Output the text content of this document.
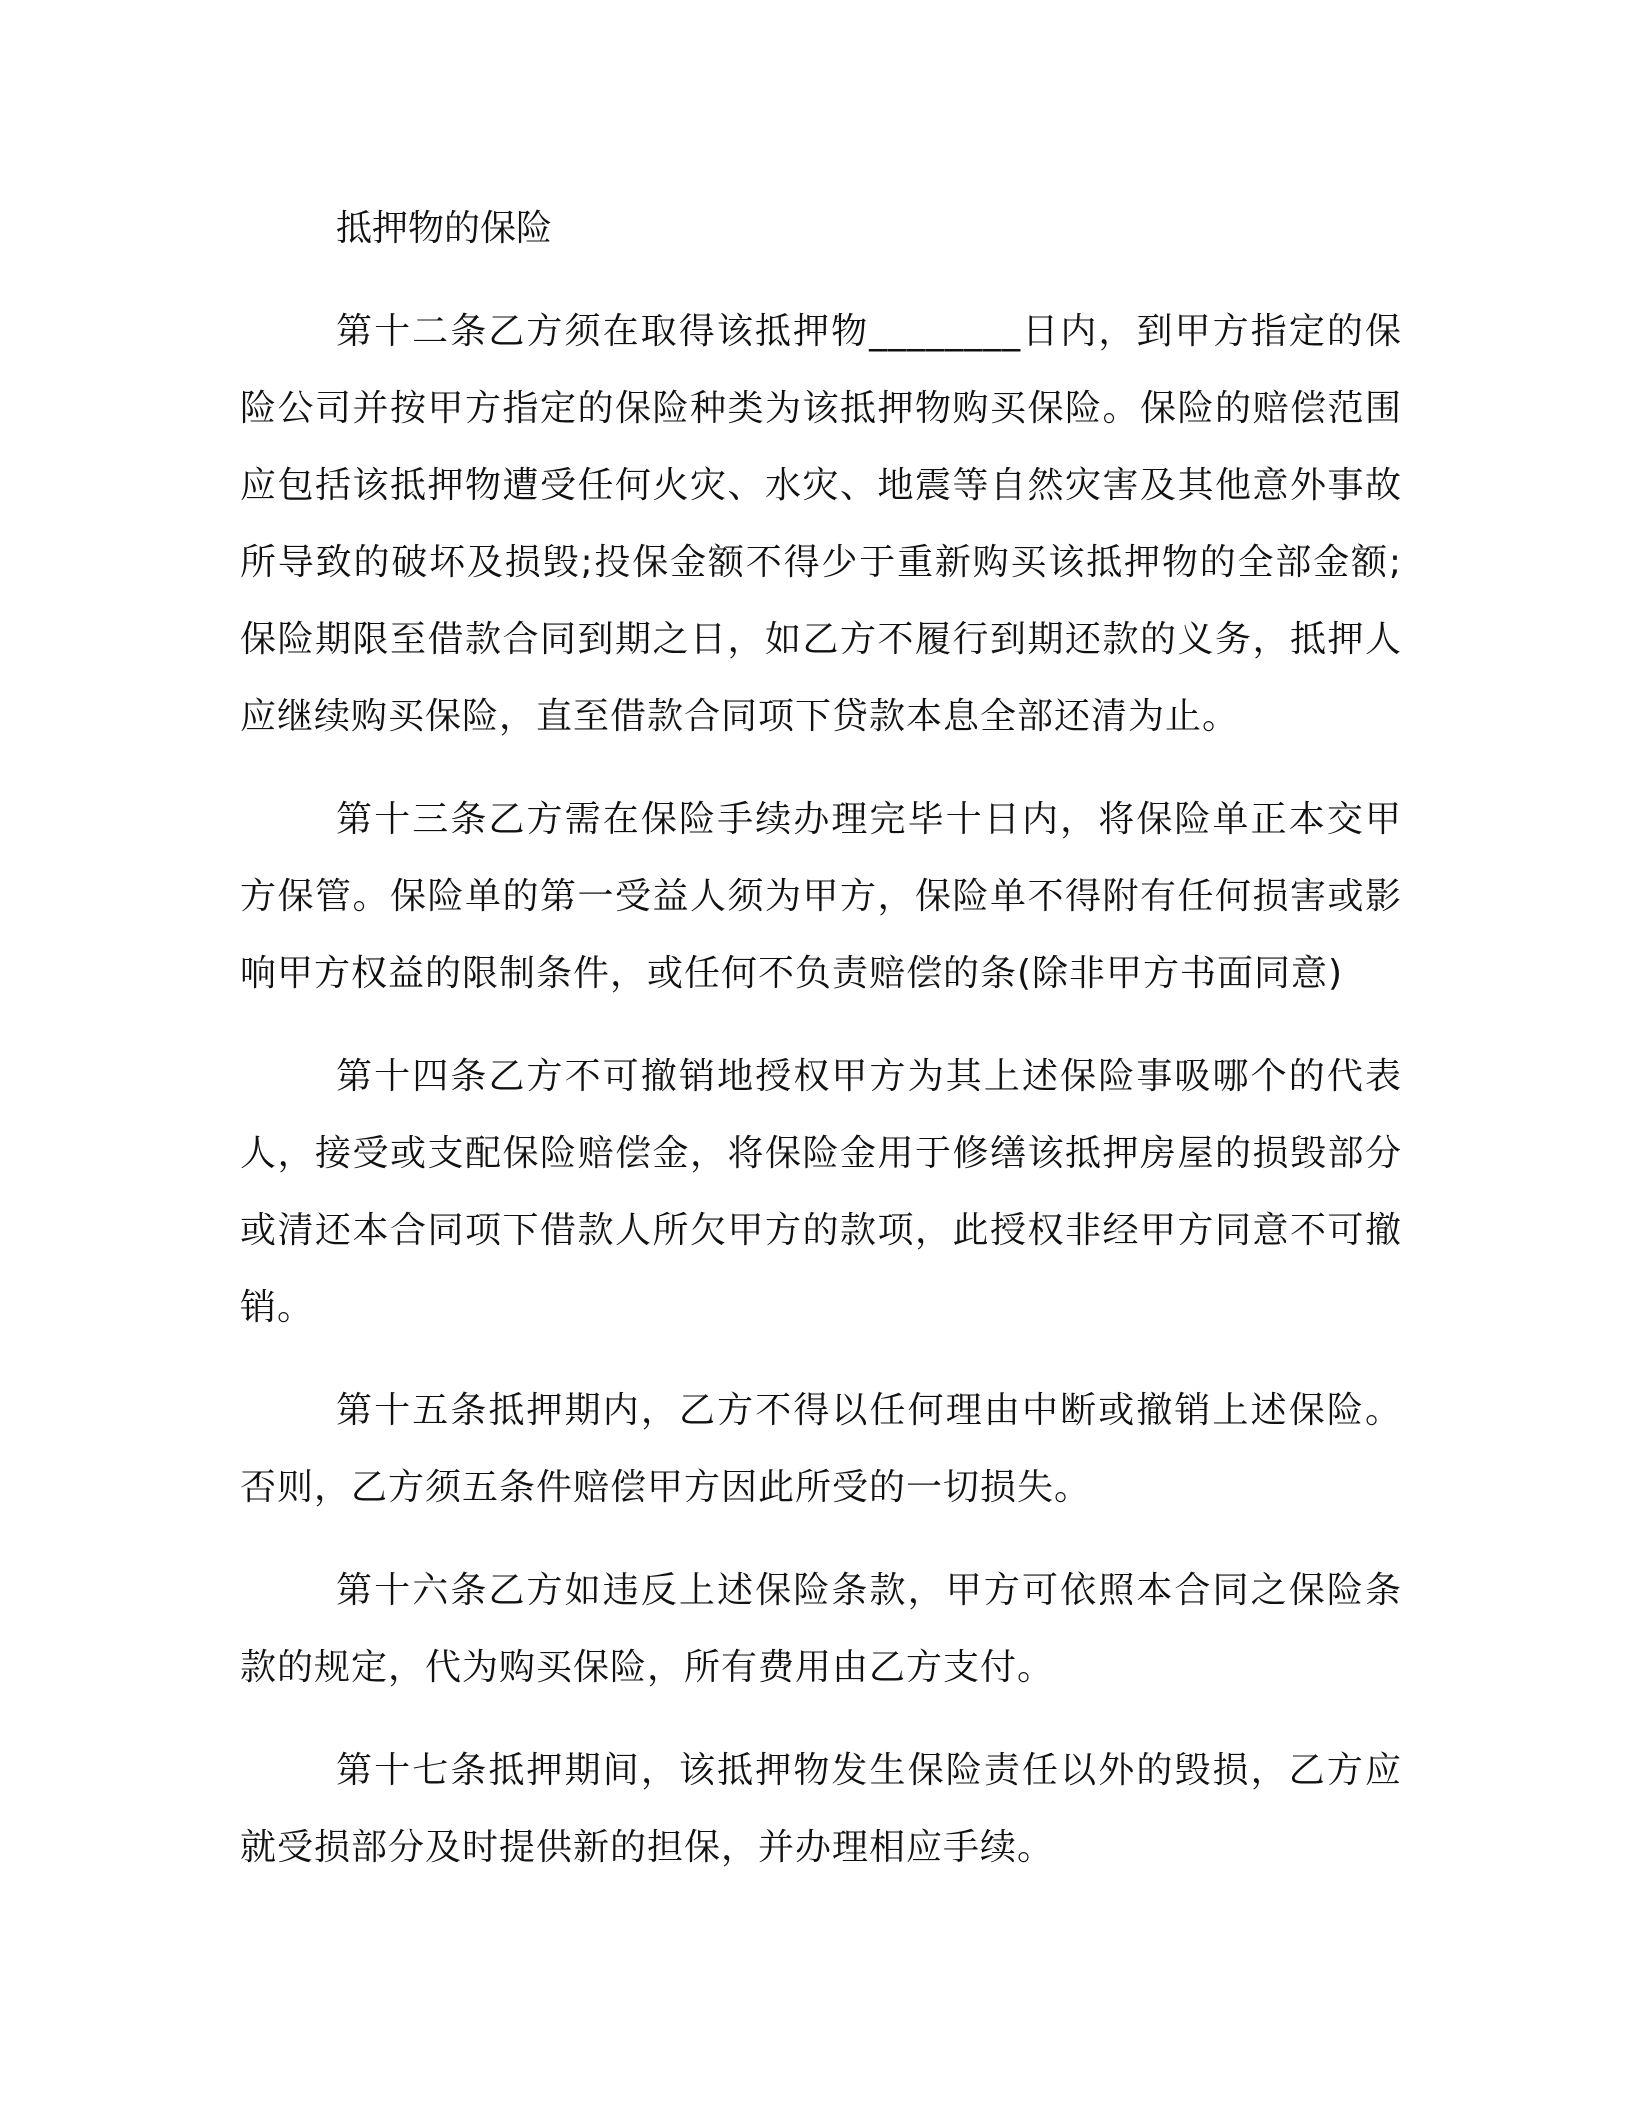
抵押物的保险

第十二条乙方须在取得该抵押物________日内，到甲方指定的保险公司并按甲方指定的保险种类为该抵押物购买保险。保险的赔偿范围应包括该抵押物遭受任何火灾、水灾、地震等自然灾害及其他意外事故所导致的破坏及损毁;投保金额不得少于重新购买该抵押物的全部金额;保险期限至借款合同到期之日，如乙方不履行到期还款的义务，抵押人应继续购买保险，直至借款合同项下贷款本息全部还清为止。

第十三条乙方需在保险手续办理完毕十日内，将保险单正本交甲方保管。保险单的第一受益人须为甲方，保险单不得附有任何损害或影响甲方权益的限制条件，或任何不负责赔偿的条(除非甲方书面同意)

第十四条乙方不可撤销地授权甲方为其上述保险事吸哪个的代表人，接受或支配保险赔偿金，将保险金用于修缮该抵押房屋的损毁部分或清还本合同项下借款人所欠甲方的款项，此授权非经甲方同意不可撤销。

第十五条抵押期内，乙方不得以任何理由中断或撤销上述保险。否则，乙方须五条件赔偿甲方因此所受的一切损失。

第十六条乙方如违反上述保险条款，甲方可依照本合同之保险条款的规定，代为购买保险，所有费用由乙方支付。

第十七条抵押期间，该抵押物发生保险责任以外的毁损，乙方应就受损部分及时提供新的担保，并办理相应手续。
